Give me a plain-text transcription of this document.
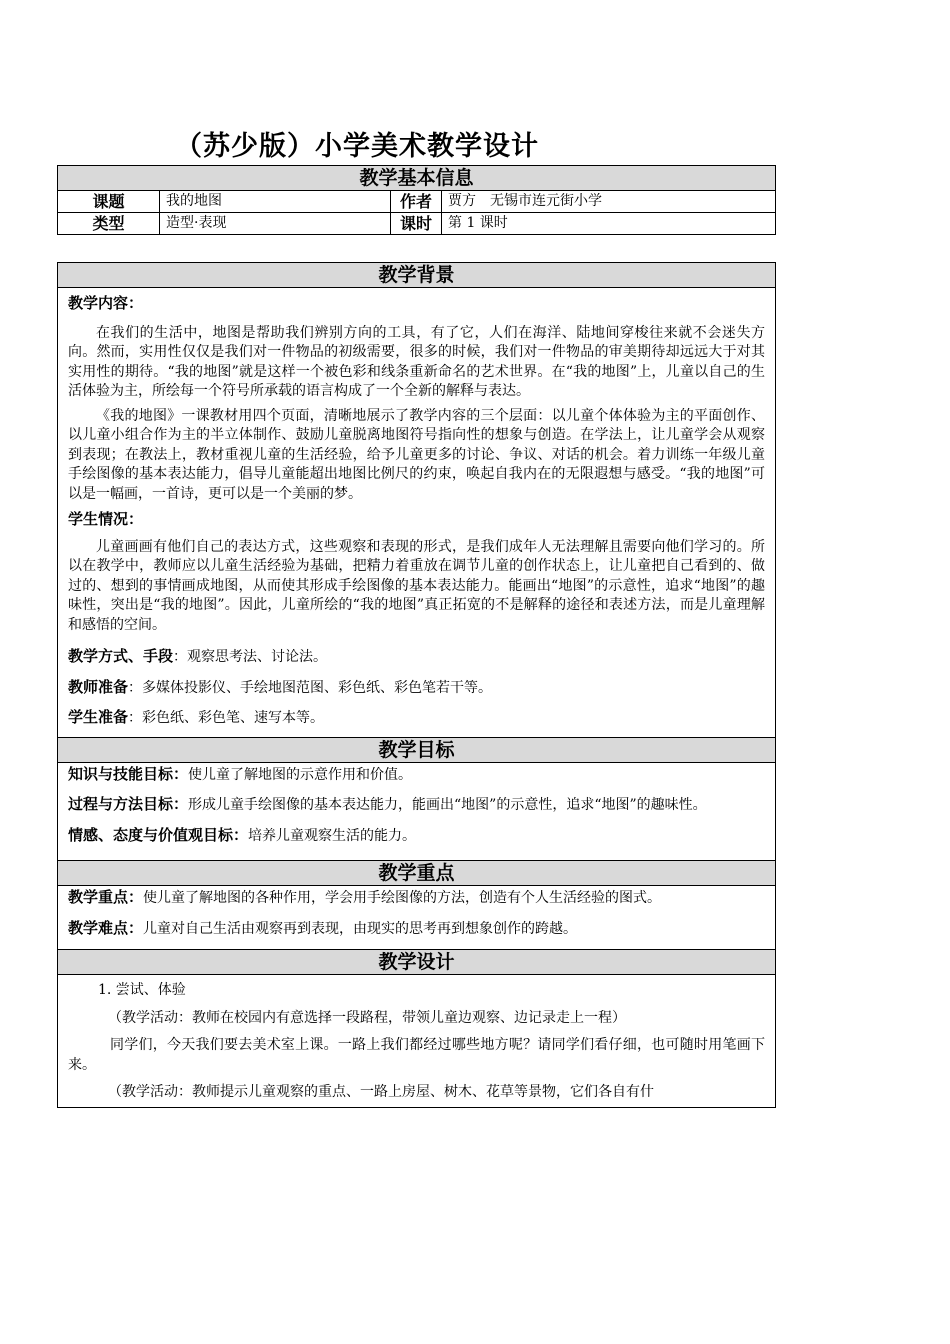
（苏少版）小学美术教学设计
教学基本信息			
课题	我的地图	作者	贾方　无锡市连元街小学
类型	造型·表现	课时	第 1 课时
教学背景

教学内容：

在我们的生活中，地图是帮助我们辨别方向的工具，有了它，人们在海洋、陆地间穿梭往来就不会迷失方向。然而，实用性仅仅是我们对一件物品的初级需要，很多的时候，我们对一件物品的审美期待却远远大于对其实用性的期待。“我的地图”就是这样一个被色彩和线条重新命名的艺术世界。在“我的地图”上，儿童以自己的生活体验为主，所绘每一个符号所承载的语言构成了一个全新的解释与表达。

《我的地图》一课教材用四个页面，清晰地展示了教学内容的三个层面：以儿童个体体验为主的平面创作、以儿童小组合作为主的半立体制作、鼓励儿童脱离地图符号指向性的想象与创造。在学法上，让儿童学会从观察到表现；在教法上，教材重视儿童的生活经验，给予儿童更多的讨论、争议、对话的机会。着力训练一年级儿童手绘图像的基本表达能力，倡导儿童能超出地图比例尺的约束，唤起自我内在的无限遐想与感受。“我的地图”可以是一幅画，一首诗，更可以是一个美丽的梦。

学生情况：

儿童画画有他们自己的表达方式，这些观察和表现的形式，是我们成年人无法理解且需要向他们学习的。所以在教学中，教师应以儿童生活经验为基础，把精力着重放在调节儿童的创作状态上，让儿童把自己看到的、做过的、想到的事情画成地图，从而使其形成手绘图像的基本表达能力。能画出“地图”的示意性，追求“地图”的趣味性，突出是“我的地图”。因此，儿童所绘的“我的地图”真正拓宽的不是解释的途径和表述方法，而是儿童理解和感悟的空间。

教学方式、手段：观察思考法、讨论法。
教师准备：多媒体投影仪、手绘地图范图、彩色纸、彩色笔若干等。
学生准备：彩色纸、彩色笔、速写本等。

教学目标

知识与技能目标：使儿童了解地图的示意作用和价值。
过程与方法目标：形成儿童手绘图像的基本表达能力，能画出“地图”的示意性，追求“地图”的趣味性。
情感、态度与价值观目标：培养儿童观察生活的能力。

教学重点

教学重点：使儿童了解地图的各种作用，学会用手绘图像的方法，创造有个人生活经验的图式。
教学难点：儿童对自己生活由观察再到表现，由现实的思考再到想象创作的跨越。

教学设计

1. 尝试、体验
（教学活动：教师在校园内有意选择一段路程，带领儿童边观察、边记录走上一程）

同学们，今天我们要去美术室上课。一路上我们都经过哪些地方呢？请同学们看仔细，也可随时用笔画下来。

（教学活动：教师提示儿童观察的重点、一路上房屋、树木、花草等景物，它们各自有什
